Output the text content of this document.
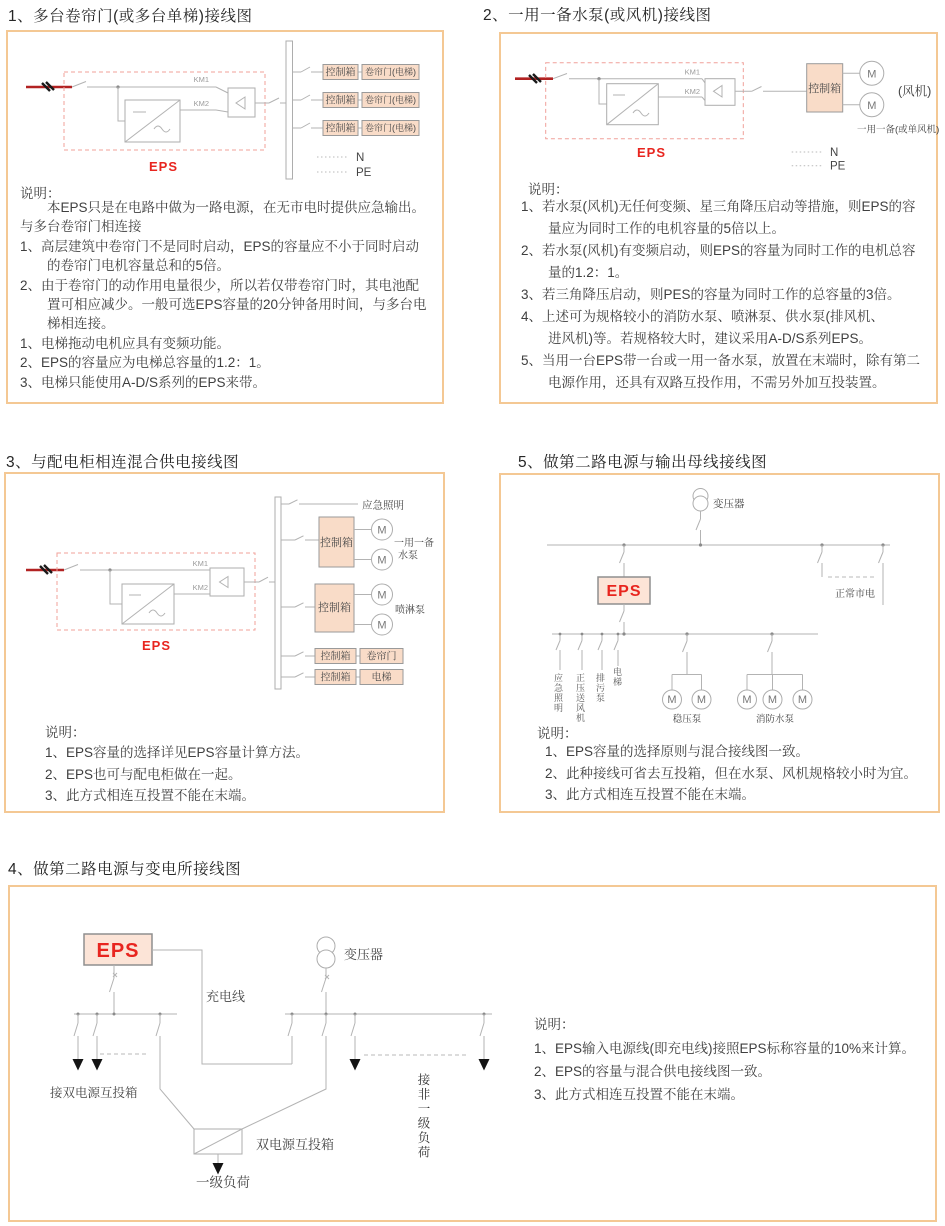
1、多台卷帘门(或多台单梯)接线图	2、一用一备水泵(或风机)接线图
3、与配电柜相连混合供电接线图	5、做第二路电源与输出母线接线图
4、做第二路电源与变电所接线图
KM1
KM2
控制箱 卷帘门(电梯)
控制箱 卷帘门(电梯)
控制箱 卷帘门(电梯)
N
PE
EPS
说明：
　　本EPS只是在电路中做为一路电源，在无市电时提供应急输出。
与多台卷帘门相连接
1、高层建筑中卷帘门不是同时启动，EPS的容量应不小于同时启动
　　的卷帘门电机容量总和的5倍。
2、由于卷帘门的动作用电量很少，所以若仅带卷帘门时，其电池配
　　置可相应减少。一般可选EPS容量的20分钟备用时间，与多台电
　　梯相连接。
1、电梯拖动电机应具有变频功能。
2、EPS的容量应为电梯总容量的1.2：1。
3、电梯只能使用A-D/S系列的EPS来带。
KM1
KM2	控制箱
M
M
(风机)
一用一备(或单风机)
N
PE
EPS
说明：
1、若水泵(风机)无任何变频、星三角降压启动等措施，则EPS的容
　　量应为同时工作的电机容量的5倍以上。
2、若水泵(风机)有变频启动，则EPS的容量为同时工作的电机总容
　　量的1.2：1。
3、若三角降压启动，则PES的容量为同时工作的总容量的3倍。
4、上述可为规格较小的消防水泵、喷淋泵、供水泵(排风机、
　　进风机)等。若规格较大时，建议采用A-D/S系列EPS。
5、当用一台EPS带一台或一用一备水泵，放置在末端时，除有第二
　　电源作用，还具有双路互投作用，不需另外加互投装置。
KM1
KM2
应急照明
控制箱
M
M
一用一备
水泵
控制箱
M
M
喷淋泵
控制箱 卷帘门
控制箱 电梯
EPS
说明：
1、EPS容量的选择详见EPS容量计算方法。
2、EPS也可与配电柜做在一起。
3、此方式相连互投置不能在末端。
变压器
EPS
M M
稳压泵
M M M
消防水泵
正常市电
应急照明 正压送风机 排污泵 电梯
说明：
1、EPS容量的选择原则与混合接线图一致。
2、此种接线可省去互投箱，但在水泵、风机规格较小时为宜。
3、此方式相连互投置不能在末端。
EPS
充电线
接双电源互投箱
变压器
双电源互投箱
一级负荷
接非一级负荷
说明：
1、EPS输入电源线(即充电线)接照EPS标称容量的10%来计算。
2、EPS的容量与混合供电接线图一致。
3、此方式相连互投置不能在末端。
